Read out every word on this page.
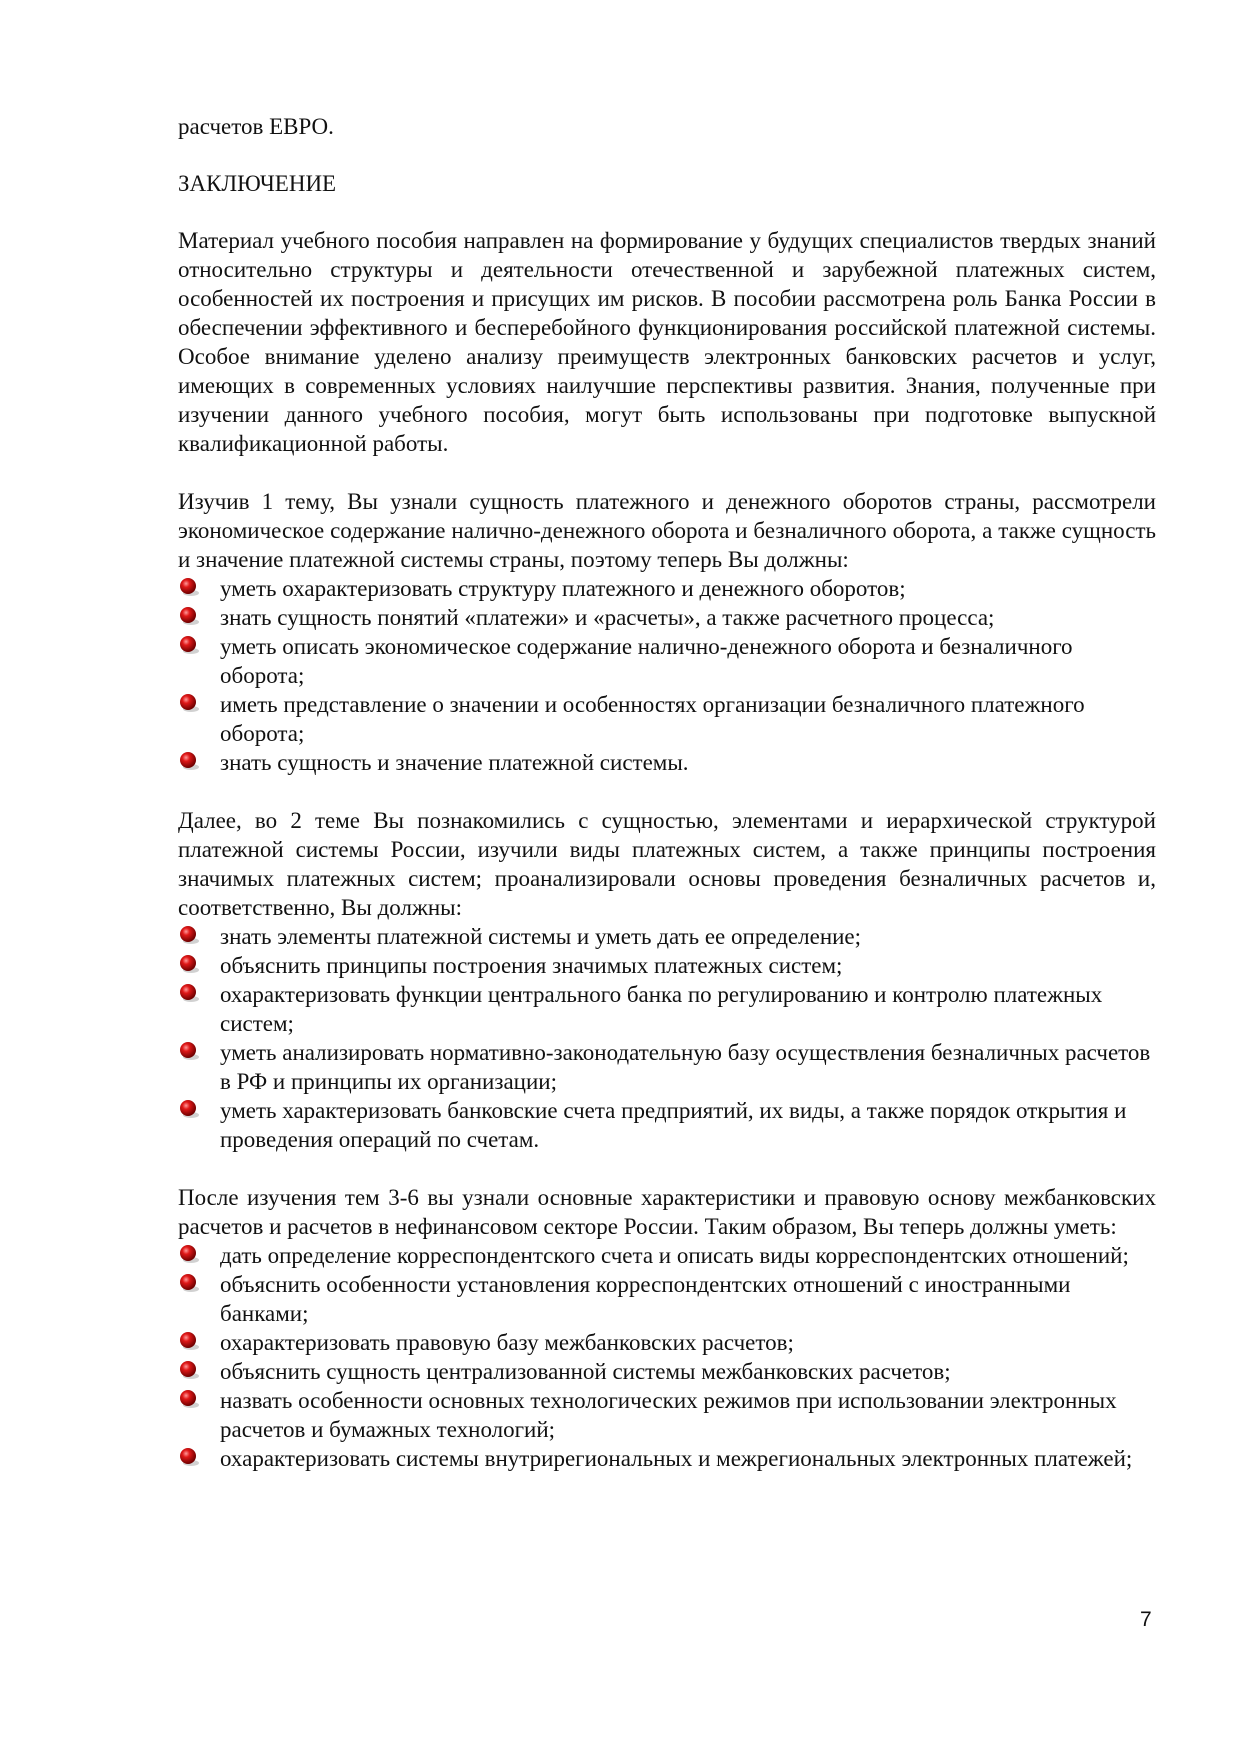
расчетов ЕВРО.

ЗАКЛЮЧЕНИЕ

Материал учебного пособия направлен на формирование у будущих специалистов твердых знаний относительно структуры и деятельности отечественной и зарубежной платежных систем, особенностей их построения и присущих им рисков. В пособии рассмотрена роль Банка России в обеспечении эффективного и бесперебойного функционирования российской платежной системы. Особое внимание уделено анализу преимуществ электронных банковских расчетов и услуг, имеющих в современных условиях наилучшие перспективы развития. Знания, полученные при изучении данного учебного пособия, могут быть использованы при подготовке выпускной квалификационной работы.

Изучив 1 тему, Вы узнали сущность платежного и денежного оборотов страны, рассмотрели экономическое содержание налично-денежного оборота и безналичного оборота, а также сущность и значение платежной системы страны, поэтому теперь Вы должны:

уметь охарактеризовать структуру платежного и денежного оборотов;
знать сущность понятий «платежи» и «расчеты», а также расчетного процесса;
уметь описать экономическое содержание налично-денежного оборота и безналичного оборота;
иметь представление о значении и особенностях организации безналичного платежного оборота;
знать сущность и значение платежной системы.

Далее, во 2 теме Вы познакомились с сущностью, элементами и иерархической структурой платежной системы России, изучили виды платежных систем, а также принципы построения значимых платежных систем; проанализировали основы проведения безналичных расчетов и, соответственно, Вы должны:

знать элементы платежной системы и уметь дать ее определение;
объяснить принципы построения значимых платежных систем;
охарактеризовать функции центрального банка по регулированию и контролю платежных систем;
уметь анализировать нормативно-законодательную базу осуществления безналичных расчетов в РФ и принципы их организации;
уметь характеризовать банковские счета предприятий, их виды, а также порядок открытия и проведения операций по счетам.

После изучения тем 3-6 вы узнали основные характеристики и правовую основу межбанковских расчетов и расчетов в нефинансовом секторе России. Таким образом, Вы теперь должны уметь:

дать определение корреспондентского счета и описать виды корреспондентских отношений;
объяснить особенности установления корреспондентских отношений с иностранными банками;
охарактеризовать правовую базу межбанковских расчетов;
объяснить сущность централизованной системы межбанковских расчетов;
назвать особенности основных технологических режимов при использовании электронных расчетов и бумажных технологий;
охарактеризовать системы внутрирегиональных и межрегиональных электронных платежей;
7
